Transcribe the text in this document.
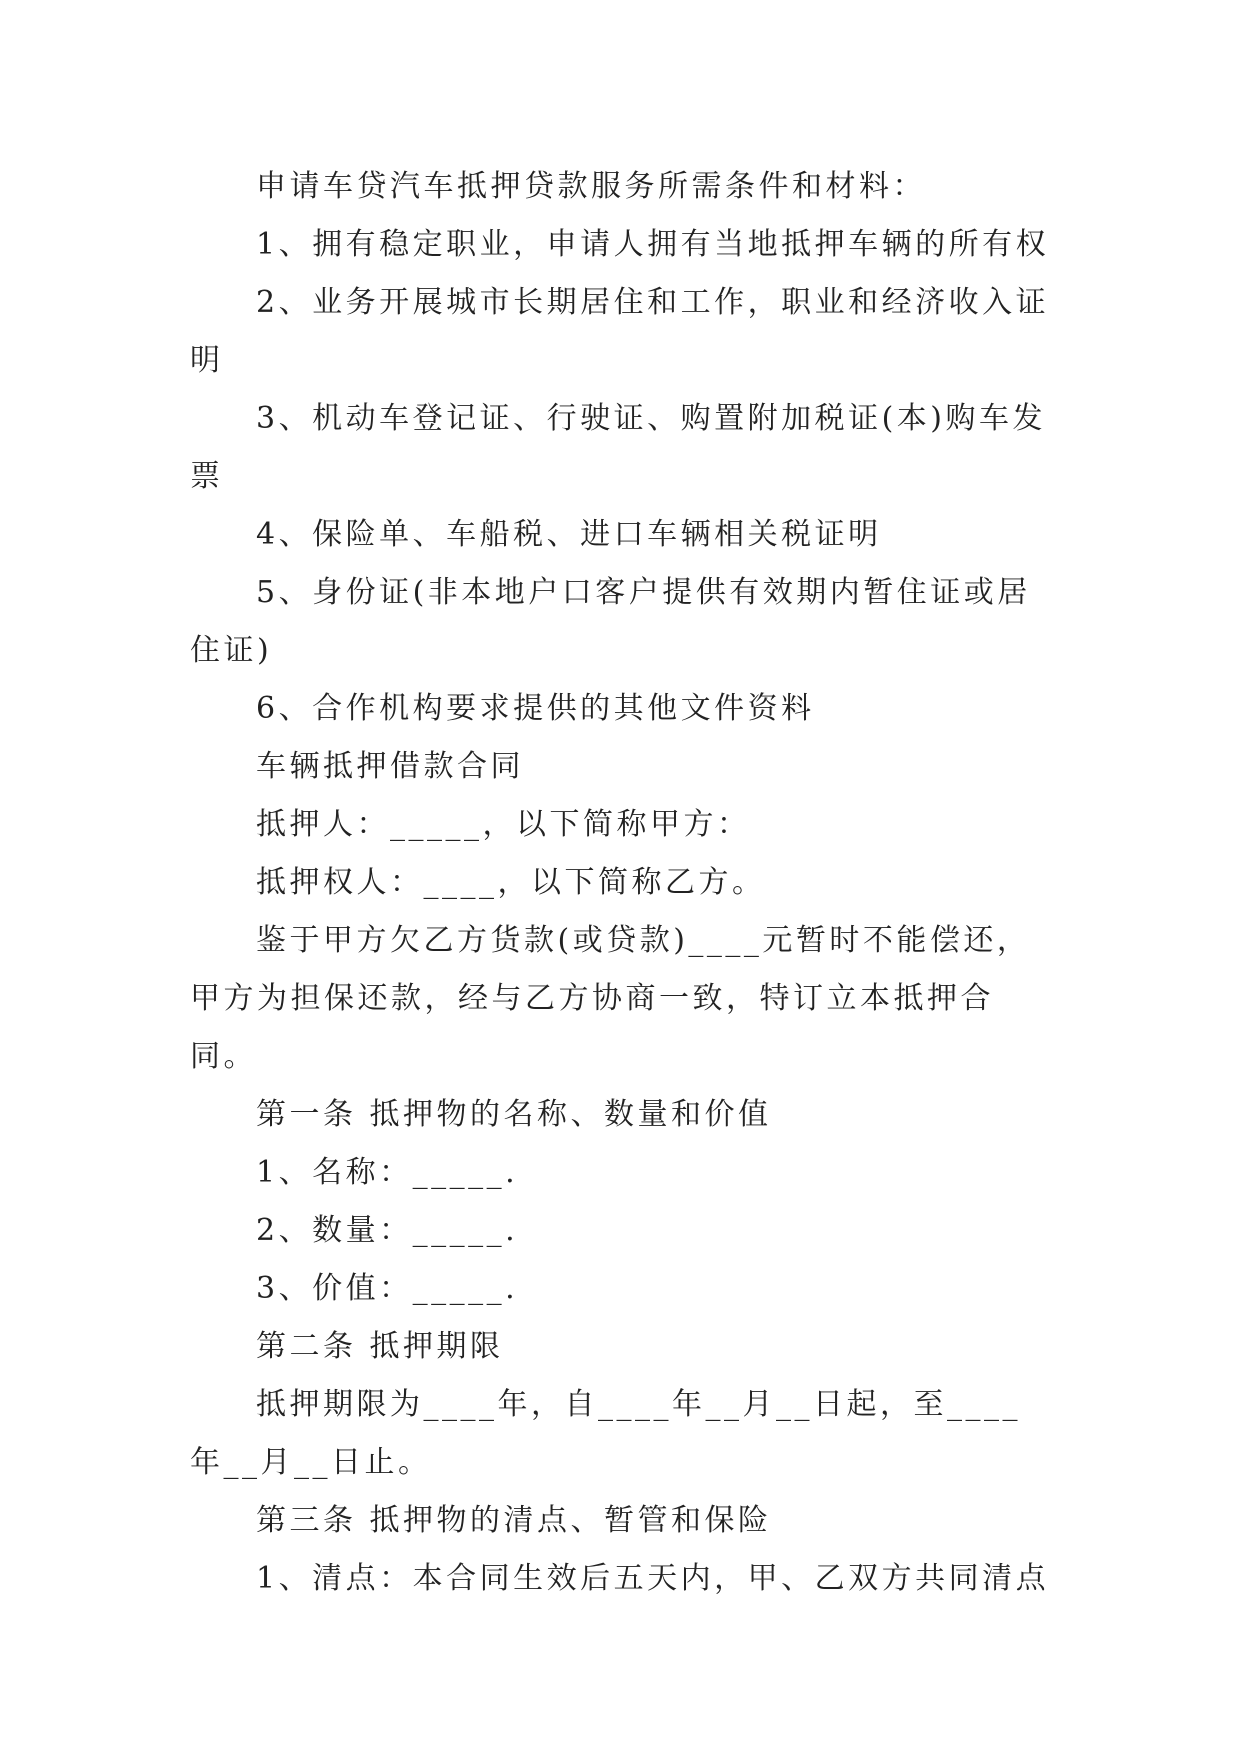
申请车贷汽车抵押贷款服务所需条件和材料：

1、拥有稳定职业，申请人拥有当地抵押车辆的所有权

2、业务开展城市长期居住和工作，职业和经济收入证明

3、机动车登记证、行驶证、购置附加税证(本)购车发票

4、保险单、车船税、进口车辆相关税证明

5、身份证(非本地户口客户提供有效期内暂住证或居住证)

6、合作机构要求提供的其他文件资料

车辆抵押借款合同

抵押人：_____，以下简称甲方：

抵押权人：____，以下简称乙方。

鉴于甲方欠乙方货款(或贷款)____元暂时不能偿还，甲方为担保还款，经与乙方协商一致，特订立本抵押合同。

第一条 抵押物的名称、数量和价值

1、名称：_____.

2、数量：_____.

3、价值：_____.

第二条 抵押期限

抵押期限为____年，自____年__月__日起，至____年__月__日止。

第三条 抵押物的清点、暂管和保险

1、清点：本合同生效后五天内，甲、乙双方共同清点
